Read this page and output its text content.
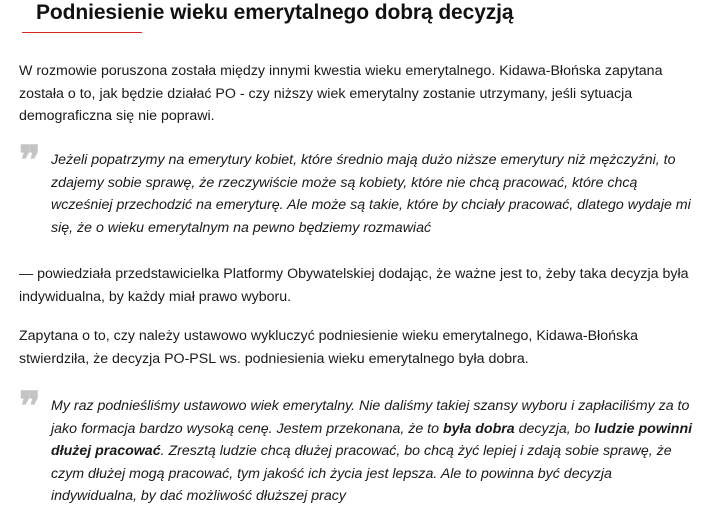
Podniesienie wieku emerytalnego dobrą decyzją

W rozmowie poruszona została między innymi kwestia wieku emerytalnego. Kidawa-Błońska zapytana została o to, jak będzie działać PO - czy niższy wiek emerytalny zostanie utrzymany, jeśli sytuacja demograficzna się nie poprawi.

❞ Jeżeli popatrzymy na emerytury kobiet, które średnio mają dużo niższe emerytury niż mężczyźni, to zdajemy sobie sprawę, że rzeczywiście może są kobiety, które nie chcą pracować, które chcą wcześniej przechodzić na emeryturę. Ale może są takie, które by chciały pracować, dlatego wydaje mi się, że o wieku emerytalnym na pewno będziemy rozmawiać

— powiedziała przedstawicielka Platformy Obywatelskiej dodając, że ważne jest to, żeby taka decyzja była indywidualna, by każdy miał prawo wyboru.

Zapytana o to, czy należy ustawowo wykluczyć podniesienie wieku emerytalnego, Kidawa-Błońska stwierdziła, że decyzja PO-PSL ws. podniesienia wieku emerytalnego była dobra.

❞ My raz podnieśliśmy ustawowo wiek emerytalny. Nie daliśmy takiej szansy wyboru i zapłaciliśmy za to jako formacja bardzo wysoką cenę. Jestem przekonana, że to była dobra decyzja, bo ludzie powinni dłużej pracować. Zresztą ludzie chcą dłużej pracować, bo chcą żyć lepiej i zdają sobie sprawę, że czym dłużej mogą pracować, tym jakość ich życia jest lepsza. Ale to powinna być decyzja indywidualna, by dać możliwość dłuższej pracy
